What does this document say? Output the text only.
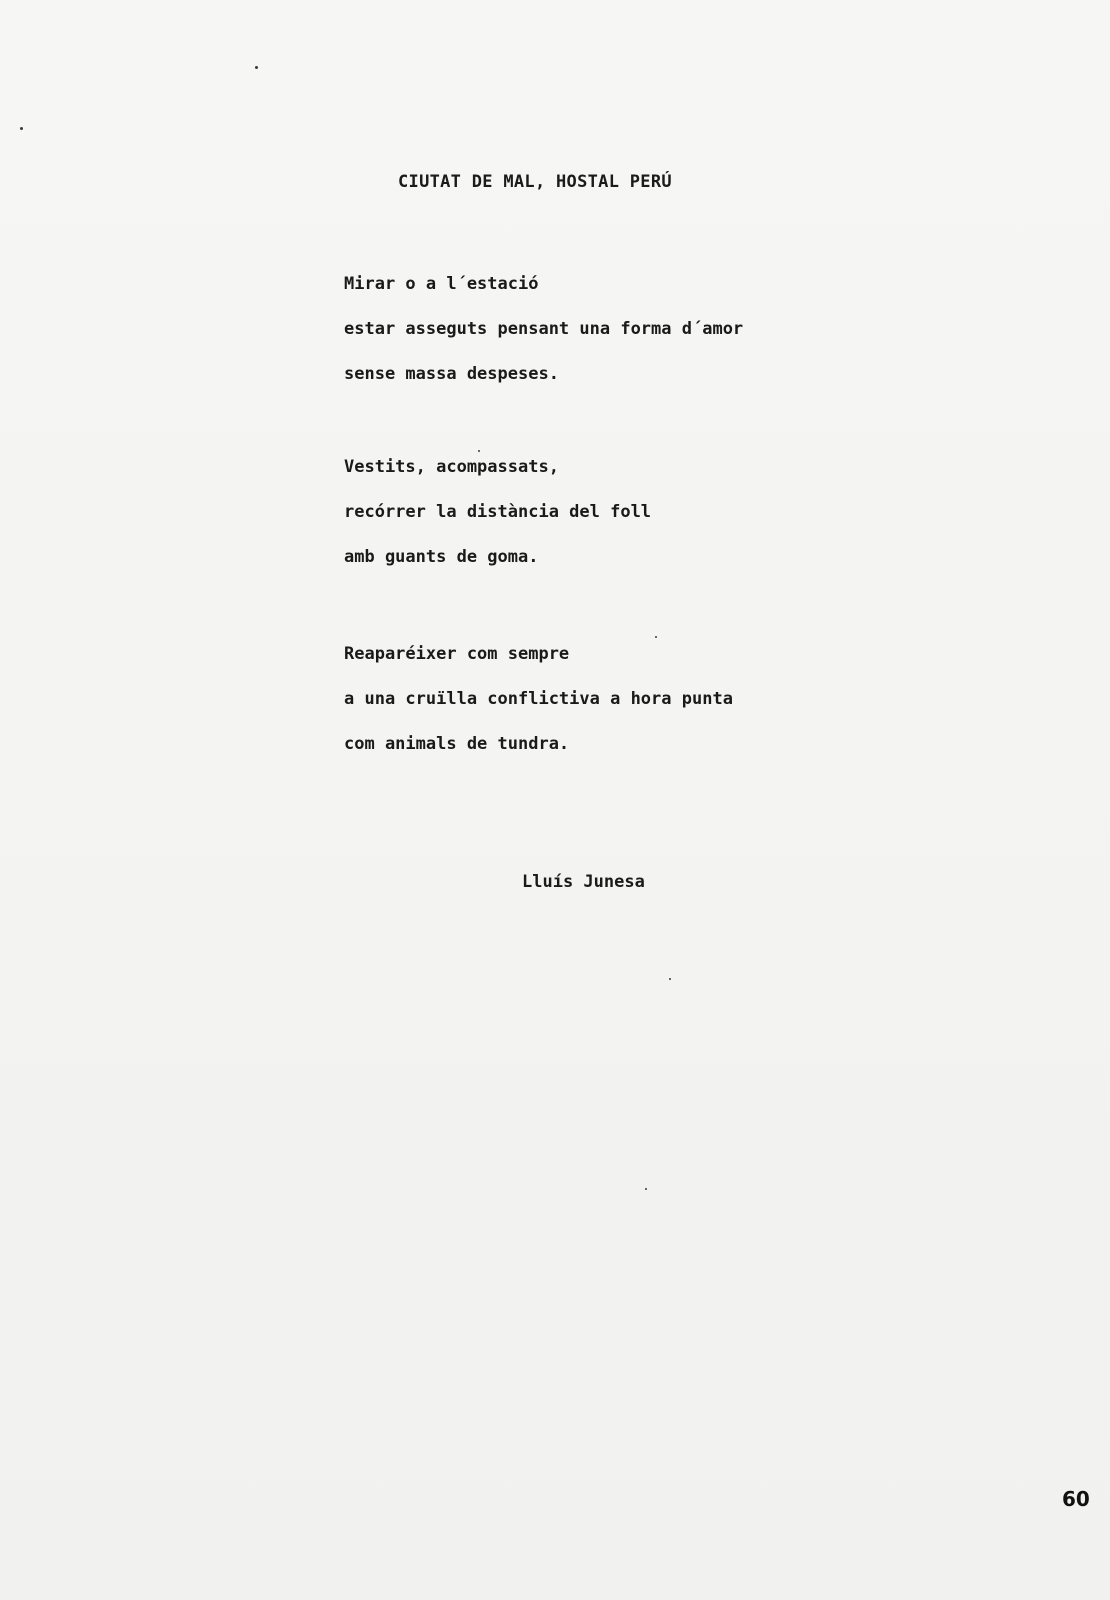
CIUTAT DE MAL, HOSTAL PERÚ
Mirar o a l´estació
estar asseguts pensant una forma d´amor
sense massa despeses.
Vestits, acompassats,
recórrer la distància del foll
amb guants de goma.
Reaparéixer com sempre
a una cruïlla conflictiva a hora punta
com animals de tundra.
Lluís Junesa
60
